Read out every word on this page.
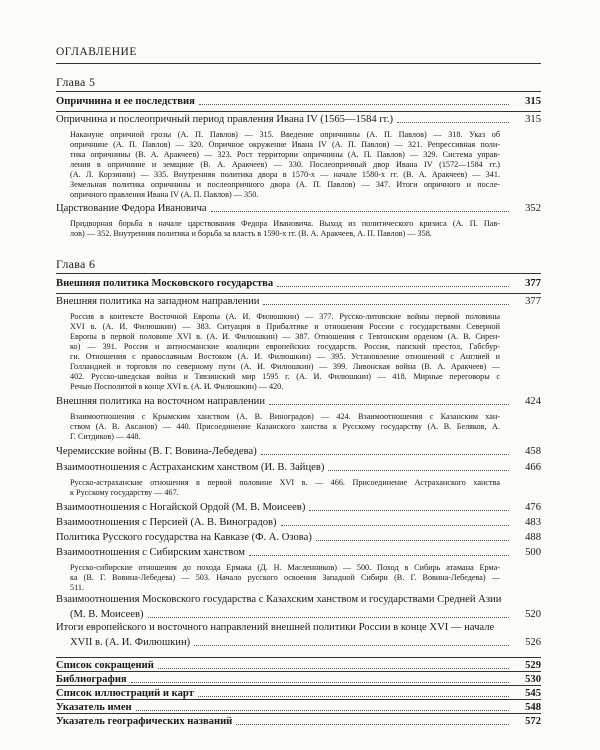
ОГЛАВЛЕНИЕ
Глава 5
Опричнина и ее последствия	315
Опричнина и послеопричный период правления Ивана IV (1565—1584 гг.)	315
Накануне опричной грозы (А. П. Павлов) — 315. Введение опричнины (А. П. Павлов) — 318. Указ об
опричнине (А. П. Павлов) — 320. Опричное окружение Ивана IV (А. П. Павлов) — 321. Репрессивная поли-
тика опричнины (В. А. Аракчеев) — 323. Рост территории опричнины (А. П. Павлов) — 329. Система управ-
ления в опричнине и земщине (В. А. Аракчеев) — 330. Послеопричный двор Ивана IV (1572—1584 гг.)
(А. Л. Корзинин) — 335. Внутренняя политика двора в 1570-х — начале 1580-х гг. (В. А. Аракчеев) — 341.
Земельная политика опричнины и послеопричного двора (А. П. Павлов) — 347. Итоги опричного и после-
опричного правления Ивана IV (А. П. Павлов) — 350.
Царствование Федора Ивановича	352
Придворная борьба в начале царствования Федора Ивановича. Выход из политического кризиса (А. П. Пав-
лов) — 352. Внутренняя политика и борьба за власть в 1590-х гг. (В. А. Аракчеев, А. П. Павлов) — 358.
Глава 6
Внешняя политика Московского государства	377
Внешняя политика на западном направлении	377
Россия в контексте Восточной Европы (А. И. Филюшкин) — 377. Русско-литовские войны первой половины
XVI в. (А. И. Филюшкин) — 383. Ситуация в Прибалтике и отношения России с государствами Северной
Европы в первой половине XVI в. (А. И. Филюшкин) — 387. Отношения с Тевтонским орденом (А. В. Сирен-
ко) — 391. Россия и антиосманские коалиции европейских государств. Россия, папский престол, Габсбур-
ги. Отношения с православным Востоком (А. И. Филюшкин) — 395. Установление отношений с Англией и
Голландией и торговля по северному пути (А. И. Филюшкин) — 399. Ливонская война (В. А. Аракчеев) —
402. Русско-шведская война и Тявзинский мир 1595 г. (А. И. Филюшкин) — 418. Мирные переговоры с
Речью Посполитой в конце XVI в. (А. И. Филюшкин) — 420.
Внешняя политика на восточном направлении	424
Взаимоотношения с Крымским ханством (А. В. Виноградов) — 424. Взаимоотношения с Казанским хан-
ством (А. В. Аксанов) — 440. Присоединение Казанского ханства к Русскому государству (А. В. Беляков, А.
Г. Ситдиков) — 448.
Черемисские войны (В. Г. Вовина-Лебедева)	458
Взаимоотношения с Астраханским ханством (И. В. Зайцев)	466
Русско-астраханские отношения в первой половине XVI в. — 466. Присоединение Астраханского ханства
к Русскому государству — 467.
Взаимоотношения с Ногайской Ордой (М. В. Моисеев)	476
Взаимоотношения с Персией (А. В. Виноградов)	483
Политика Русского государства на Кавказе (Ф. А. Озова)	488
Взаимоотношения с Сибирским ханством	500
Русско-сибирские отношения до похода Ермака (Д. Н. Масленников) — 500. Поход в Сибирь атамана Ерма-
ка (В. Г. Вовина-Лебедева) — 503. Начало русского освоения Западной Сибири (В. Г. Вовина-Лебедева) —
511.
Взаимоотношения Московского государства с Казахским ханством и государствами Средней Азии
(М. В. Моисеев)	520
Итоги европейского и восточного направлений внешней политики России в конце XVI — начале
XVII в. (А. И. Филюшкин)	526
Список сокращений	529
Библиография	530
Список иллюстраций и карт	545
Указатель имен	548
Указатель географических названий	572
